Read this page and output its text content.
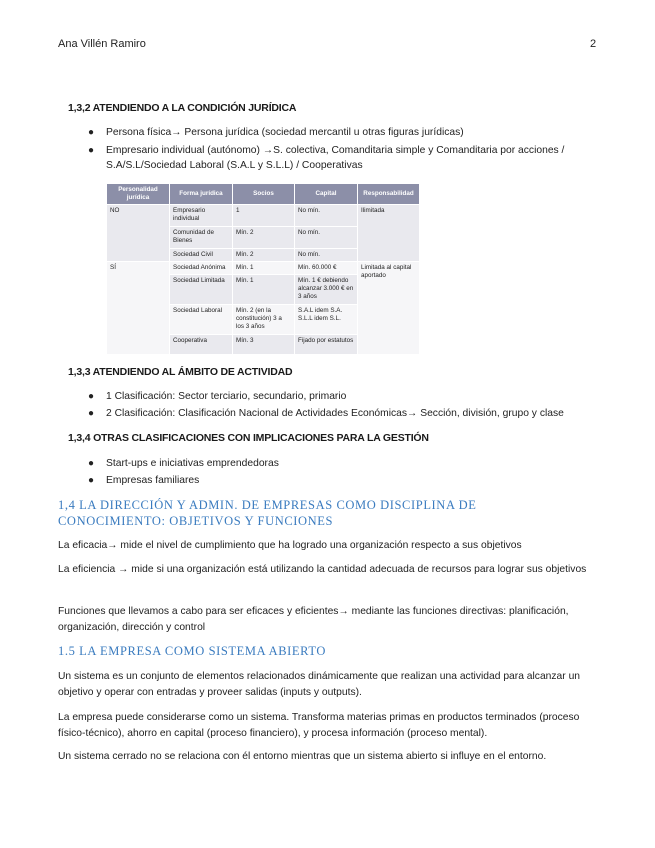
Ana Villén Ramiro	2
1,3,2 ATENDIENDO A LA CONDICIÓN JURÍDICA
● Persona física→ Persona jurídica (sociedad mercantil u otras figuras jurídicas)
● Empresario individual (autónomo) →S. colectiva, Comanditaria simple y Comanditaria por acciones / S.A/S.L/Sociedad Laboral (S.A.L y S.L.L) / Cooperativas
Personalidad jurídica	Forma jurídica	Socios	Capital	Responsabilidad
NO	Empresario individual	1	No mín.	Ilimitada
	Comunidad de Bienes	Mín. 2	No mín.	
	Sociedad Civil	Mín. 2	No mín.	
SÍ	Sociedad Anónima	Mín. 1	Mín. 60.000 €	Limitada al capital aportado
	Sociedad Limitada	Mín. 1	Mín. 1 € debiendo alcanzar 3.000 € en 3 años	
	Sociedad Laboral	Mín. 2 (en la constitución) 3 a los 3 años	S.A.L idem S.A. S.L.L idem S.L.	
	Cooperativa	Mín. 3	Fijado por estatutos	
1,3,3 ATENDIENDO AL ÁMBITO DE ACTIVIDAD
● 1 Clasificación: Sector terciario, secundario, primario
● 2 Clasificación: Clasificación Nacional de Actividades Económicas→ Sección, división, grupo y clase
1,3,4 OTRAS CLASIFICACIONES CON IMPLICACIONES PARA LA GESTIÓN
● Start-ups e iniciativas emprendedoras
● Empresas familiares
1,4 LA DIRECCIÓN Y ADMIN. DE EMPRESAS COMO DISCIPLINA DE CONOCIMIENTO: OBJETIVOS Y FUNCIONES
La eficacia→ mide el nivel de cumplimiento que ha logrado una organización respecto a sus objetivos
La eficiencia → mide si una organización está utilizando la cantidad adecuada de recursos para lograr sus objetivos
Funciones que llevamos a cabo para ser eficaces y eficientes→ mediante las funciones directivas: planificación, organización, dirección y control
1.5 LA EMPRESA COMO SISTEMA ABIERTO
Un sistema es un conjunto de elementos relacionados dinámicamente que realizan una actividad para alcanzar un objetivo y operar con entradas y proveer salidas (inputs y outputs).
La empresa puede considerarse como un sistema. Transforma materias primas en productos terminados (proceso físico-técnico), ahorro en capital (proceso financiero), y procesa información (proceso mental).
Un sistema cerrado no se relaciona con él entorno mientras que un sistema abierto si influye en el entorno.
